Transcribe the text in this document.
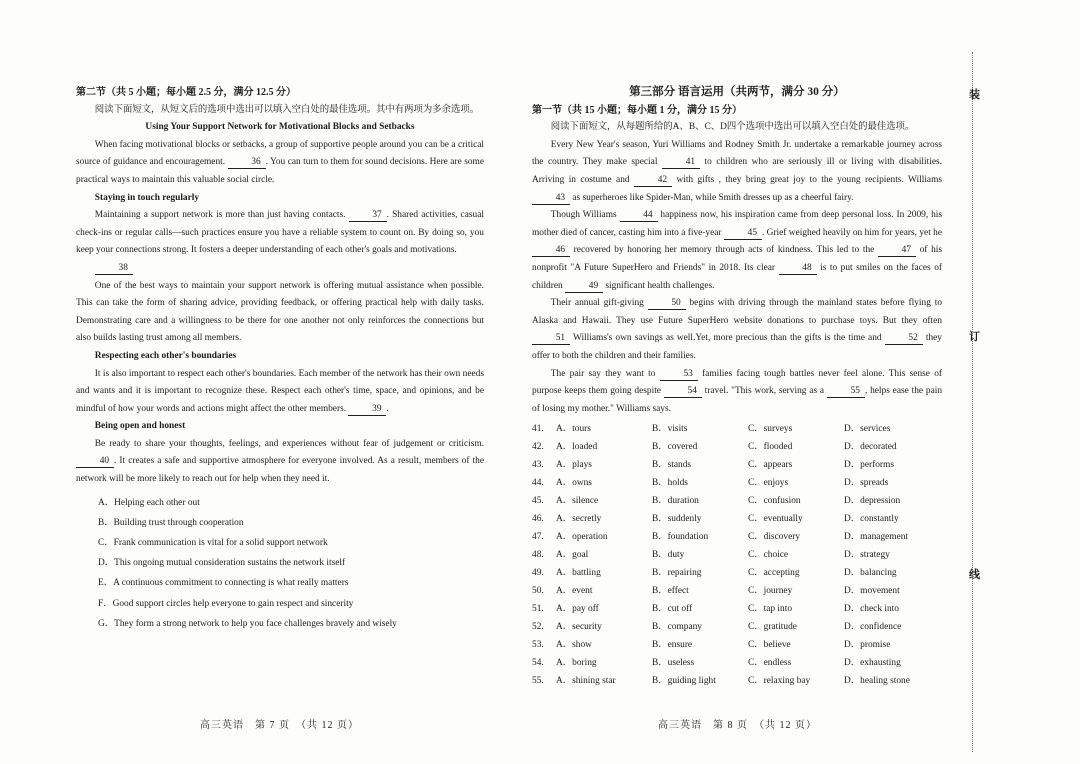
第二节（共 5 小题；每小题 2.5 分，满分 12.5 分）

阅读下面短文，从短文后的选项中选出可以填入空白处的最佳选项。其中有两项为多余选项。

Using Your Support Network for Motivational Blocks and Setbacks

When facing motivational blocks or setbacks, a group of supportive people around you can be a critical source of guidance and encouragement.	36 . You can turn to them for sound decisions. Here are some practical ways to maintain this valuable social circle.

Staying in touch regularly

Maintaining a support network is more than just having contacts.	37 . Shared activities, casual check-ins or regular calls—such practices ensure you have a reliable system to count on. By doing so, you keep your connections strong. It fosters a deeper understanding of each other's goals and motivations.

38

One of the best ways to maintain your support network is offering mutual assistance when possible. This can take the form of sharing advice, providing feedback, or offering practical help with daily tasks. Demonstrating care and a willingness to be there for one another not only reinforces the connections but also builds lasting trust among all members.

Respecting each other's boundaries

It is also important to respect each other's boundaries. Each member of the network has their own needs and wants and it is important to recognize these. Respect each other's time, space, and opinions, and be mindful of how your words and actions might affect the other members.	39 .

Being open and honest

Be ready to share your thoughts, feelings, and experiences without fear of judgement or criticism. 40 . It creates a safe and supportive atmosphere for everyone involved. As a result, members of the network will be more likely to reach out for help when they need it.

A．Helping each other out

B．Building trust through cooperation

C．Frank communication is vital for a solid support network

D．This ongoing mutual consideration sustains the network itself

E．A continuous commitment to connecting is what really matters

F．Good support circles help everyone to gain respect and sincerity

G．They form a strong network to help you face challenges bravely and wisely

第三部分 语言运用（共两节，满分 30 分）
第一节（共 15 小题；每小题 1 分，满分 15 分）

阅读下面短文，从每题所给的A、B、C、D四个选项中选出可以填入空白处的最佳选项。

Every New Year's season, Yuri Williams and Rodney Smith Jr. undertake a remarkable journey across the country. They make special	41 to children who are seriously ill or living with disabilities. Arriving in costume and	42 with gifts , they bring great joy to the young recipients. Williams 43 as superheroes like Spider-Man, while Smith dresses up as a cheerful fairy.

Though Williams	44 happiness now, his inspiration came from deep personal loss. In 2009, his mother died of cancer, casting him into a five-year	45 . Grief weighed heavily on him for years, yet he 46 recovered by honoring her memory through acts of kindness. This led to the	47 of his nonprofit "A Future SuperHero and Friends" in 2018. Its clear	48 is to put smiles on the faces of children	49 significant health challenges.

Their annual gift-giving	50 begins with driving through the mainland states before flying to Alaska and Hawaii. They use Future SuperHero website donations to purchase toys. But they often 51 Williams's own savings as well.Yet, more precious than the gifts is the time and	52 they offer to both the children and their families.

The pair say they want to	53 families facing tough battles never feel alone. This sense of purpose keeps them going despite	54 travel. "This work, serving as a	55 , helps ease the pain of losing my mother." Williams says.

41.	A．tours	B．visits	C．surveys	D．services
42.	A．loaded	B．covered	C．flooded	D．decorated
43.	A．plays	B．stands	C．appears	D．performs
44.	A．owns	B．holds	C．enjoys	D．spreads
45.	A．silence	B．duration	C．confusion	D．depression
46.	A．secretly	B．suddenly	C．eventually	D．constantly
47.	A．operation	B．foundation	C．discovery	D．management
48.	A．goal	B．duty	C．choice	D．strategy
49.	A．battling	B．repairing	C．accepting	D．balancing
50.	A．event	B．effect	C．journey	D．movement
51.	A．pay off	B．cut off	C．tap into	D．check into
52.	A．security	B．company	C．gratitude	D．confidence
53.	A．show	B．ensure	C．believe	D．promise
54.	A．boring	B．useless	C．endless	D．exhausting
55.	A．shining star	B．guiding light	C．relaxing bay	D．healing stone
高三英语　第 7 页　（共 12 页）	高三英语　第 8 页　（共 12 页）
装
订
线
